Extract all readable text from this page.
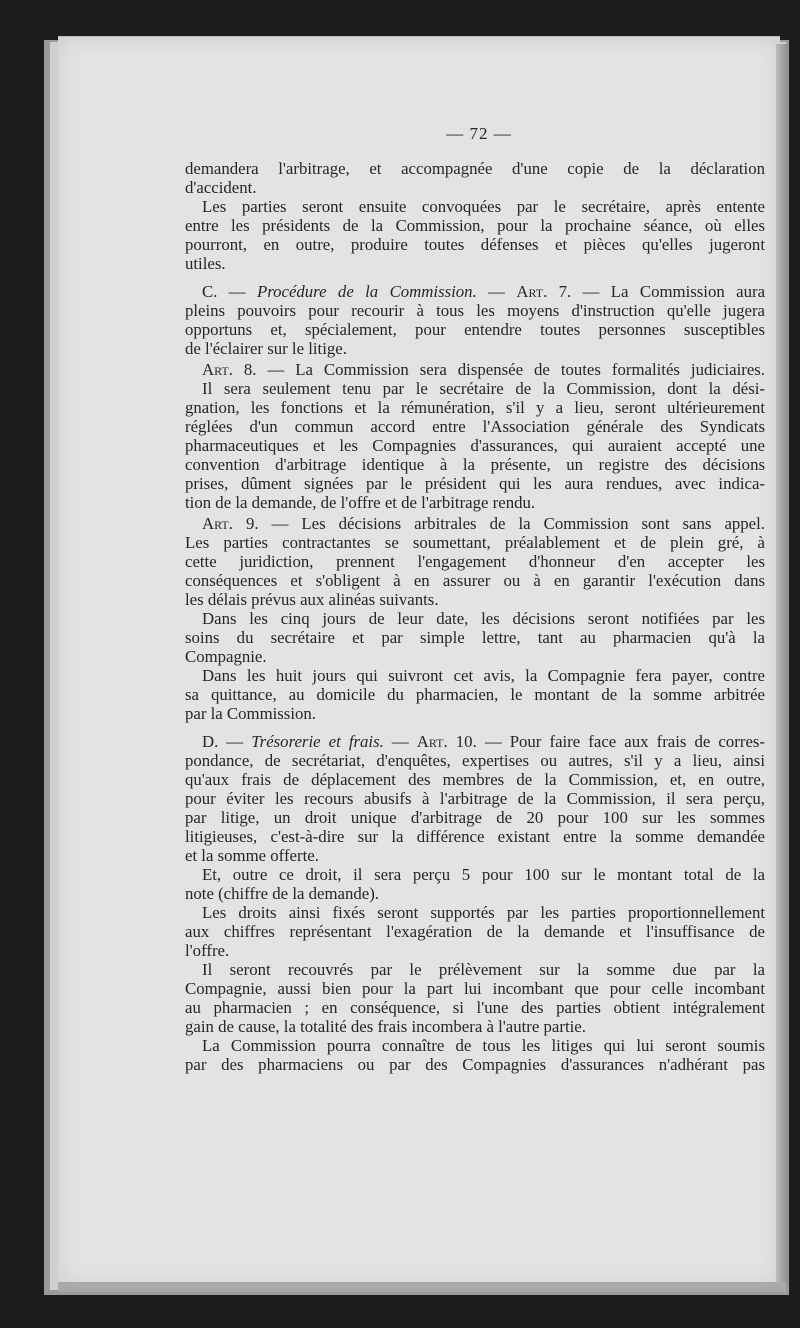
— 72 —
demandera l'arbitrage, et accompagnée d'une copie de la déclaration
d'accident.
Les parties seront ensuite convoquées par le secrétaire, après entente
entre les présidents de la Commission, pour la prochaine séance, où elles
pourront, en outre, produire toutes défenses et pièces qu'elles jugeront
utiles.
C. — Procédure de la Commission. — Art. 7. — La Commission aura
pleins pouvoirs pour recourir à tous les moyens d'instruction qu'elle jugera
opportuns et, spécialement, pour entendre toutes personnes susceptibles
de l'éclairer sur le litige.
Art. 8. — La Commission sera dispensée de toutes formalités judiciaires.
Il sera seulement tenu par le secrétaire de la Commission, dont la dési-
gnation, les fonctions et la rémunération, s'il y a lieu, seront ultérieurement
réglées d'un commun accord entre l'Association générale des Syndicats
pharmaceutiques et les Compagnies d'assurances, qui auraient accepté une
convention d'arbitrage identique à la présente, un registre des décisions
prises, dûment signées par le président qui les aura rendues, avec indica-
tion de la demande, de l'offre et de l'arbitrage rendu.
Art. 9. — Les décisions arbitrales de la Commission sont sans appel.
Les parties contractantes se soumettant, préalablement et de plein gré, à
cette juridiction, prennent l'engagement d'honneur d'en accepter les
conséquences et s'obligent à en assurer ou à en garantir l'exécution dans
les délais prévus aux alinéas suivants.
Dans les cinq jours de leur date, les décisions seront notifiées par les
soins du secrétaire et par simple lettre, tant au pharmacien qu'à la
Compagnie.
Dans les huit jours qui suivront cet avis, la Compagnie fera payer, contre
sa quittance, au domicile du pharmacien, le montant de la somme arbitrée
par la Commission.
D. — Trésorerie et frais. — Art. 10. — Pour faire face aux frais de corres-
pondance, de secrétariat, d'enquêtes, expertises ou autres, s'il y a lieu, ainsi
qu'aux frais de déplacement des membres de la Commission, et, en outre,
pour éviter les recours abusifs à l'arbitrage de la Commission, il sera perçu,
par litige, un droit unique d'arbitrage de 20 pour 100 sur les sommes
litigieuses, c'est-à-dire sur la différence existant entre la somme demandée
et la somme offerte.
Et, outre ce droit, il sera perçu 5 pour 100 sur le montant total de la
note (chiffre de la demande).
Les droits ainsi fixés seront supportés par les parties proportionnellement
aux chiffres représentant l'exagération de la demande et l'insuffisance de
l'offre.
Il seront recouvrés par le prélèvement sur la somme due par la
Compagnie, aussi bien pour la part lui incombant que pour celle incombant
au pharmacien ; en conséquence, si l'une des parties obtient intégralement
gain de cause, la totalité des frais incombera à l'autre partie.
La Commission pourra connaître de tous les litiges qui lui seront soumis
par des pharmaciens ou par des Compagnies d'assurances n'adhérant pas
